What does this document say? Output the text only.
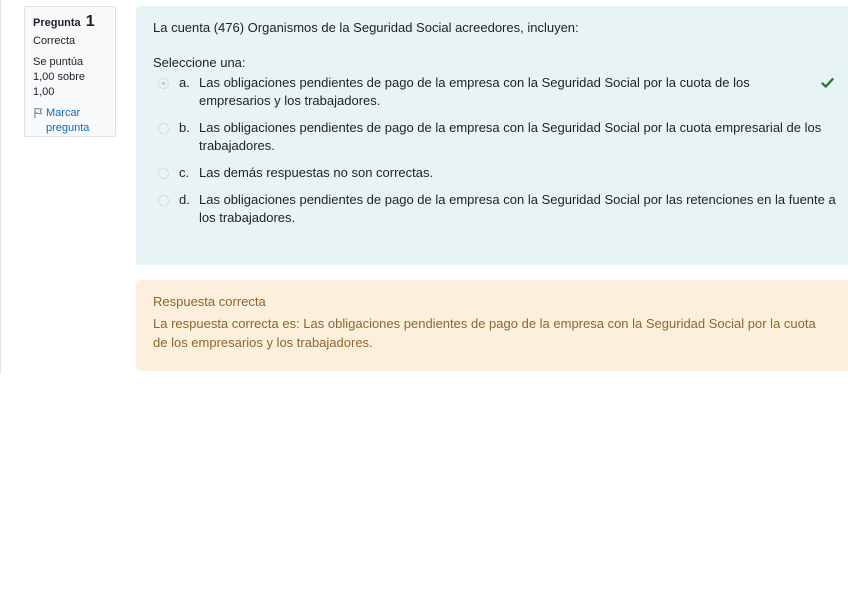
Pregunta 1
Correcta
Se puntúa 1,00 sobre 1,00
Marcar pregunta
La cuenta (476) Organismos de la Seguridad Social acreedores, incluyen:
Seleccione una:
a. Las obligaciones pendientes de pago de la empresa con la Seguridad Social por la cuota de los empresarios y los trabajadores.
b. Las obligaciones pendientes de pago de la empresa con la Seguridad Social por la cuota empresarial de los trabajadores.
c. Las demás respuestas no son correctas.
d. Las obligaciones pendientes de pago de la empresa con la Seguridad Social por las retenciones en la fuente a los trabajadores.
Respuesta correcta
La respuesta correcta es: Las obligaciones pendientes de pago de la empresa con la Seguridad Social por la cuota de los empresarios y los trabajadores.
